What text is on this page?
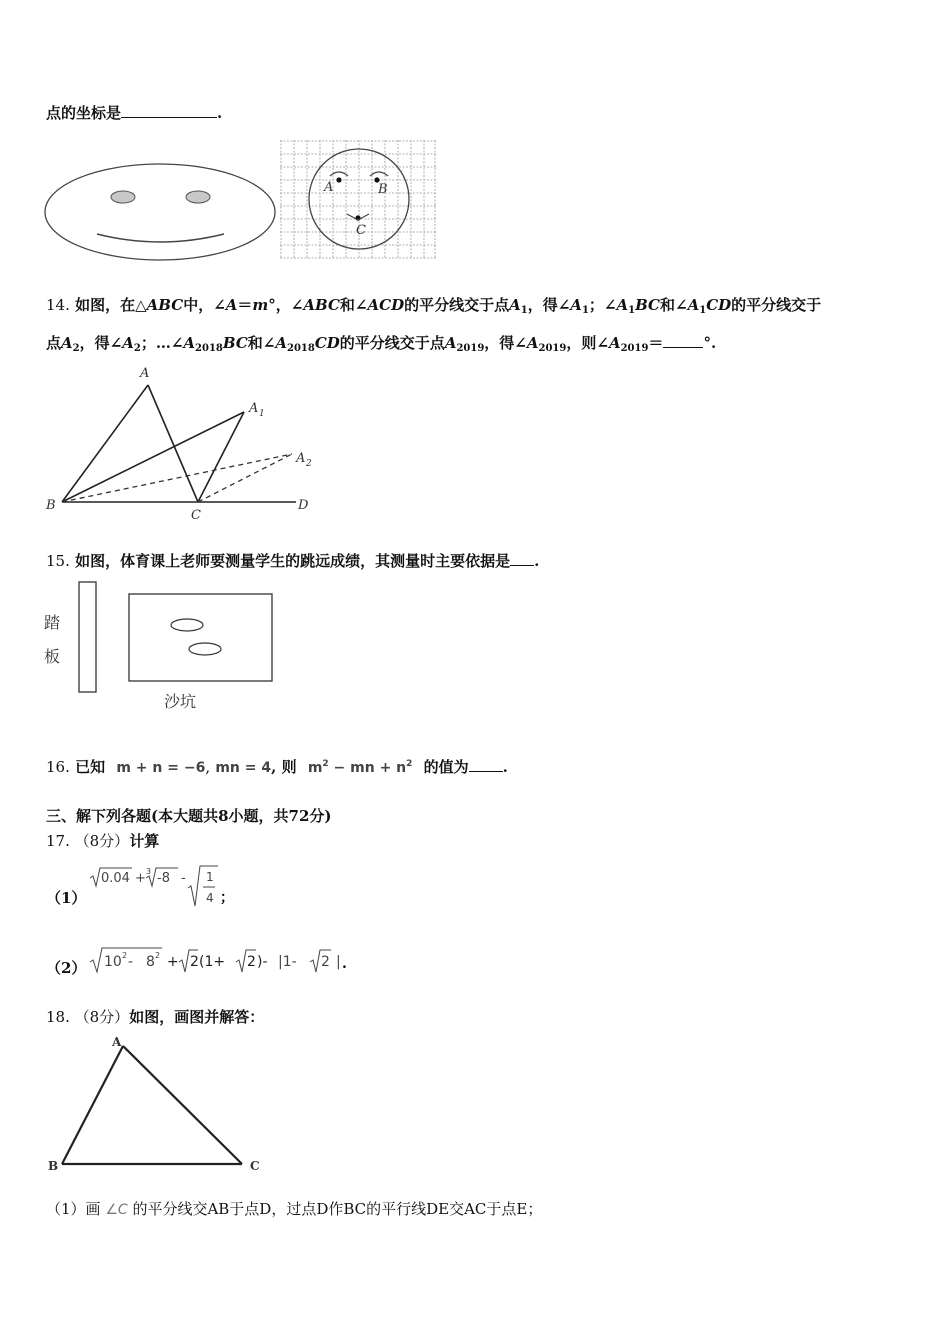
点的坐标是	.
A	B
C
14. 如图，在△ABC中，∠A＝m°，∠ABC和∠ACD的平分线交于点$A_1$，得$\angle A_1$；$\angle A_1BC$和$\angle A_1CD$的平分线交于
点$A_2$，得$\angle A_2$；$\dots\angle A_{2018}BC$和$\angle A_{2018}CD$的平分线交于点$A_{2019}$，得$\angle A_{2019}$，则$\angle A_{2019}=$	°.
A
A 1
A 2
B
C
D
15. 如图，体育课上老师要测量学生的跳远成绩，其测量时主要依据是 .
踏
板
沙坑
16. 已知 m + n = −6, mn = 4, 则 $m^2$ − mn + $n^2$ 的值为 .
三、解下列各题(本大题共8小题，共72分)
17. （8分）计算
（1）
0.04 + 3 -8 - 1
4 ；
（2） 10 2 - 8 2 + 2 (1+ 2 )- |1- 2 | .
18. （8分）如图，画图并解答：
A
B	C
（1）画 ∠C 的平分线交AB于点D，过点D作BC的平行线DE交AC于点E；
